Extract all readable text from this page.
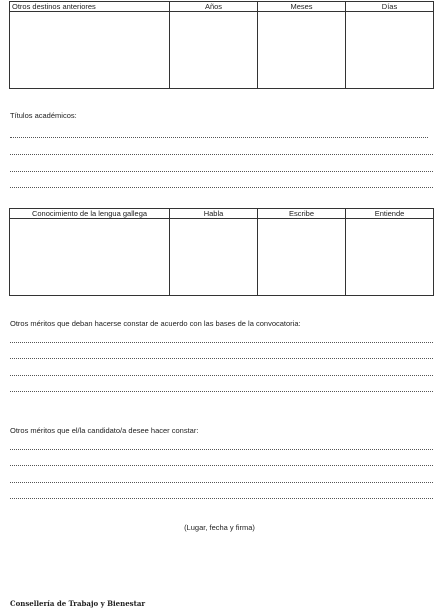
Otros destinos anteriores	Años	Meses	Días

Títulos académicos:
Conocimiento de la lengua gallega	Habla	Escribe	Entiende

Otros méritos que deban hacerse constar de acuerdo con las bases de la convocatoria:
Otros méritos que el/la candidato/a desee hacer constar:
(Lugar, fecha y firma)
Consellería de Trabajo y Bienestar
